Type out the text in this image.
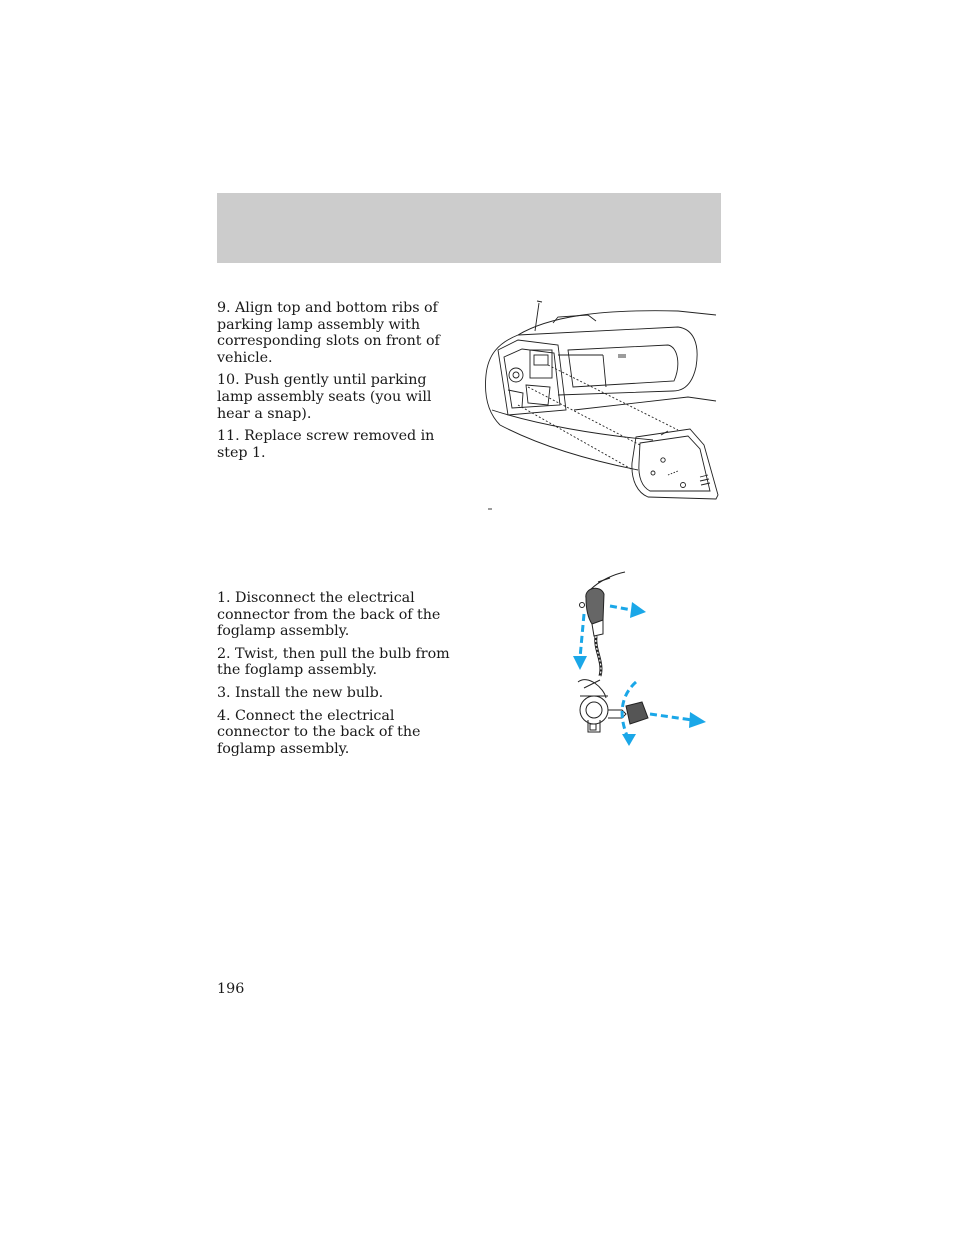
9. Align top and bottom ribs of parking lamp assembly with corresponding slots on front of vehicle.

10. Push gently until parking lamp assembly seats (you will hear a snap).

11. Replace screw removed in step 1.

1. Disconnect the electrical connector from the back of the foglamp assembly.

2. Twist, then pull the bulb from the foglamp assembly.

3. Install the new bulb.

4. Connect the electrical connector to the back of the foglamp assembly.

196
